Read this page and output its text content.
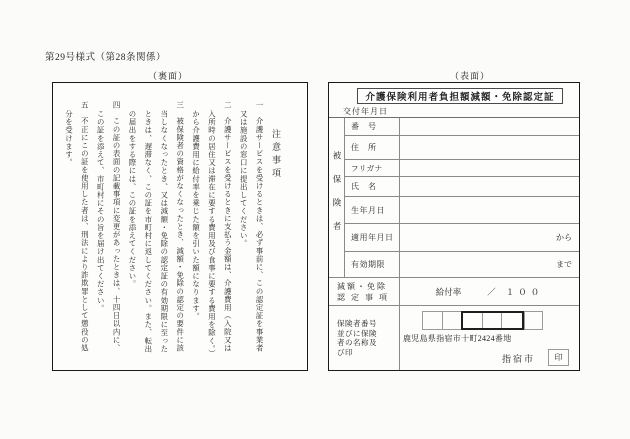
第29号様式（第28条関係）
（裏面）	（表面）
注意事項
一　介護サービスを受けるときは、必ず事前に、この認定証を事業者
又は施設の窓口に提出してください。
二　介護サービスを受けるときに支払う金額は、介護費用（入院又は
入所時の居住又は滞在に要する費用及び食事に要する費用を除く。）
から介護費用に給付率を乗じた額を引いた額になります。
三　被保険者の資格がなくなったとき、減額・免除の認定の要件に該
当しなくなったとき、又は減額・免除の認定証の有効期限に至った
ときは、遅滞なく、この証を市町村に返してください。また、転出
の届出をする際には、この証を添えてください。
四　この証の表面の記載事項に変更があったときは、十四日以内に、
この証を添えて、市町村にその旨を届け出てください。
五　不正にこの証を使用した者は、刑法により詐欺罪として懲役の処
分を受けます。
介護保険利用者負担額減額・免除認定証
交付年月日
被保険者
番　号
住　所
フリガナ
氏　名
生年月日
適用年月日	から
有効期限	まで
減額・免除
認 定 事 項
給付率	／ １００
保険者番号
並びに保険
者の名称及
び印
鹿児島県指宿市十町2424番地
指宿市 印
